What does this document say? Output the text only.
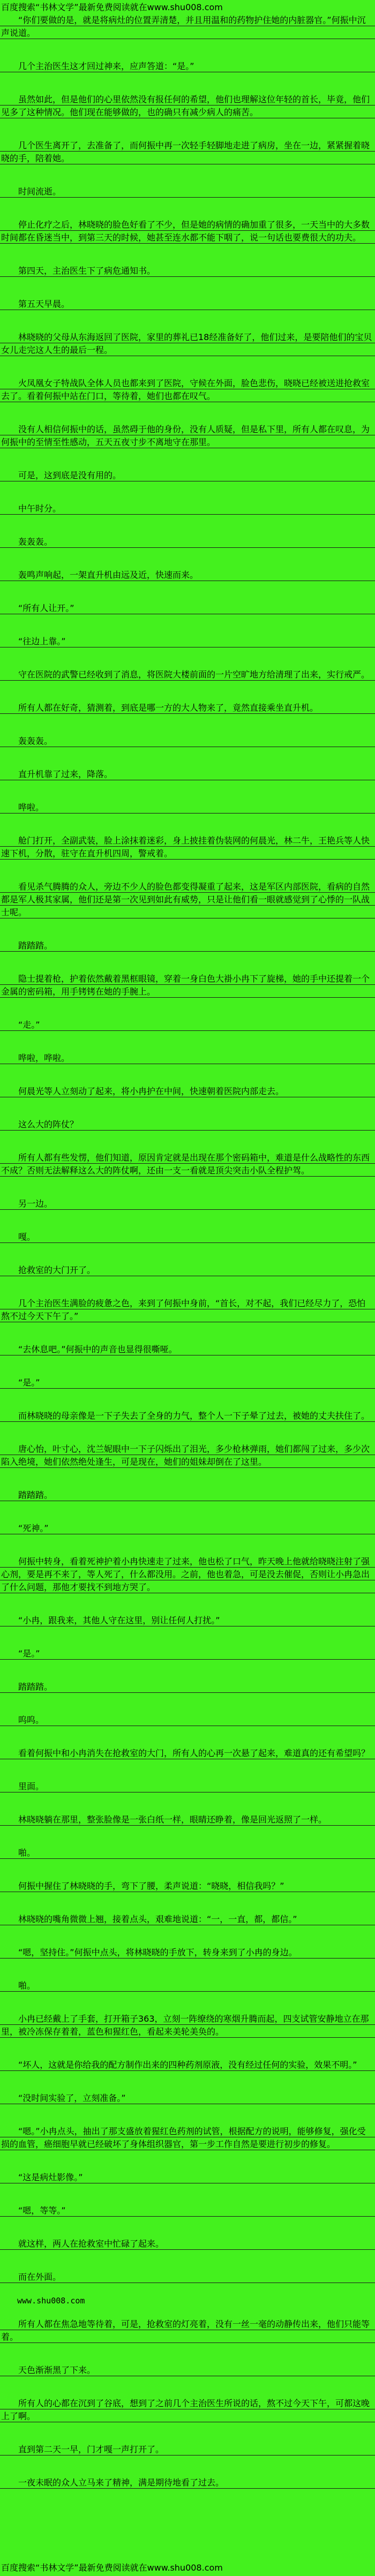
百度搜索“书林文学”最新免费阅读就在www.shu008.com

“你们要做的是，就是将病灶的位置弄清楚，并且用温和的药物护住她的内脏器官。”何振中沉声说道。

几个主治医生这才回过神来，应声答道：“是。”

虽然如此，但是他们的心里依然没有报任何的希望，他们也理解这位年轻的首长，毕竟，他们见多了这种情况。他们现在能够做的，也的确只有减少病人的痛苦。

几个医生离开了，去准备了，而何振中再一次轻手轻脚地走进了病房，坐在一边，紧紧握着晓晓的手，陪着她。

时间流逝。

停止化疗之后，林晓晓的脸色好看了不少，但是她的病情的确加重了很多，一天当中的大多数时间都在昏迷当中，到第三天的时候，她甚至连水都不能下咽了，说一句话也要费很大的功夫。

第四天，主治医生下了病危通知书。

第五天早晨。

林晓晓的父母从东海返回了医院，家里的葬礼已18经准备好了，他们过来，是要陪他们的宝贝女儿走完这人生的最后一程。

火凤凰女子特战队全体人员也都来到了医院，守候在外面，脸色悲伤，晓晓已经被送进抢救室去了。看着何振中站在门口，等待着，她们也都在叹气。

没有人相信何振中的话，虽然碍于他的身份，没有人质疑，但是私下里，所有人都在叹息，为何振中的至情至性感动，五天五夜寸步不离地守在那里。

可是，这到底是没有用的。

中午时分。

轰轰轰。

轰鸣声响起，一架直升机由远及近，快速而来。

“所有人让开。”

“往边上靠。”

守在医院的武警已经收到了消息，将医院大楼前面的一片空旷地方给清理了出来，实行戒严。

所有人都在好奇，猜测着，到底是哪一方的大人物来了，竟然直接乘坐直升机。

轰轰轰。

直升机靠了过来，降落。

哗啦。

舱门打开，全副武装，脸上涂抹着迷彩，身上披挂着伪装网的何晨光，林二牛，王艳兵等人快速下机，分散，驻守在直升机四周，警戒着。

看见杀气腾腾的众人，旁边不少人的脸色都变得凝重了起来，这是军区内部医院，看病的自然都是军人极其家属，他们还是第一次见到如此有威势，只是让他们看一眼就感觉到了心悸的一队战士呢。

踏踏踏。

隐士提着枪，护着依然戴着黑框眼镜，穿着一身白色大褂小冉下了旋梯，她的手中还提着一个金属的密码箱，用手铐铐在她的手腕上。

“走。”

哗啦，哗啦。

何晨光等人立刻动了起来，将小冉护在中间，快速朝着医院内部走去。

这么大的阵仗？

所有人都有些发愣，他们知道，原因肯定就是出现在那个密码箱中，难道是什么战略性的东西不成？否则无法解释这么大的阵仗啊，还由一支一看就是顶尖突击小队全程护驾。

另一边。

嘎。

抢救室的大门开了。

几个主治医生满脸的疲惫之色，来到了何振中身前，“首长，对不起，我们已经尽力了，恐怕熬不过今天下午了。”

“去休息吧。”何振中的声音也显得很嘶哑。

“是。”

而林晓晓的母亲像是一下子失去了全身的力气，整个人一下子晕了过去，被她的丈夫扶住了。

唐心怡，叶寸心，沈兰妮眼中一下子闪烁出了泪光，多少枪林弹雨，她们都闯了过来，多少次陷入绝境，她们依然绝处逢生，可是现在，她们的姐妹却倒在了这里。

踏踏踏。

“死神。”

何振中转身，看着死神护着小冉快速走了过来，他也松了口气，昨天晚上他就给晓晓注射了强心剂，要是再不来了，等人死了，什么都没用。之前，他也着急，可是没去催促，否则让小冉急出了什么问题，那他才要找不到地方哭了。

“小冉，跟我来，其他人守在这里，别让任何人打扰。”

“是。”

踏踏踏。

呜呜。

看着何振中和小冉消失在抢救室的大门，所有人的心再一次悬了起来，难道真的还有希望吗？

里面。

林晓晓躺在那里，整张脸像是一张白纸一样，眼睛还睁着，像是回光返照了一样。

啪。

何振中握住了林晓晓的手，弯下了腰，柔声说道：“晓晓，相信我吗？”

林晓晓的嘴角微微上翘，接着点头，艰难地说道：“一，一直，都，都信。”

“嗯，坚持住。”何振中点头，将林晓晓的手放下，转身来到了小冉的身边。

啪。

小冉已经戴上了手套，打开箱子363，立刻一阵缭绕的寒烟升腾而起，四支试管安静地立在那里，被冷冻保存着着，蓝色和猩红色，看起来美轮美奂的。

“坏人，这就是你给我的配方制作出来的四种药剂原液，没有经过任何的实验，效果不明。”

“没时间实验了，立刻准备。”

“嗯。”小冉点头，抽出了那支盛放着猩红色药剂的试管，根据配方的说明，能够修复，强化受损的血管，癌细胞早就已经破坏了身体组织器官，第一步工作自然是要进行初步的修复。

“这是病灶影像。”

“嗯，等等。”

就这样，两人在抢救室中忙碌了起来。

而在外面。

www.shu008.com

所有人都在焦急地等待着，可是，抢救室的灯亮着，没有一丝一毫的动静传出来，他们只能等着。

天色渐渐黑了下来。

所有人的心都在沉到了谷底，想到了之前几个主治医生所说的话，熬不过今天下午，可都这晚上了啊。

直到第二天一早，门才嘎一声打开了。

一夜未眠的众人立马来了精神，满是期待地看了过去。

百度搜索“书林文学”最新免费阅读就在www.shu008.com
